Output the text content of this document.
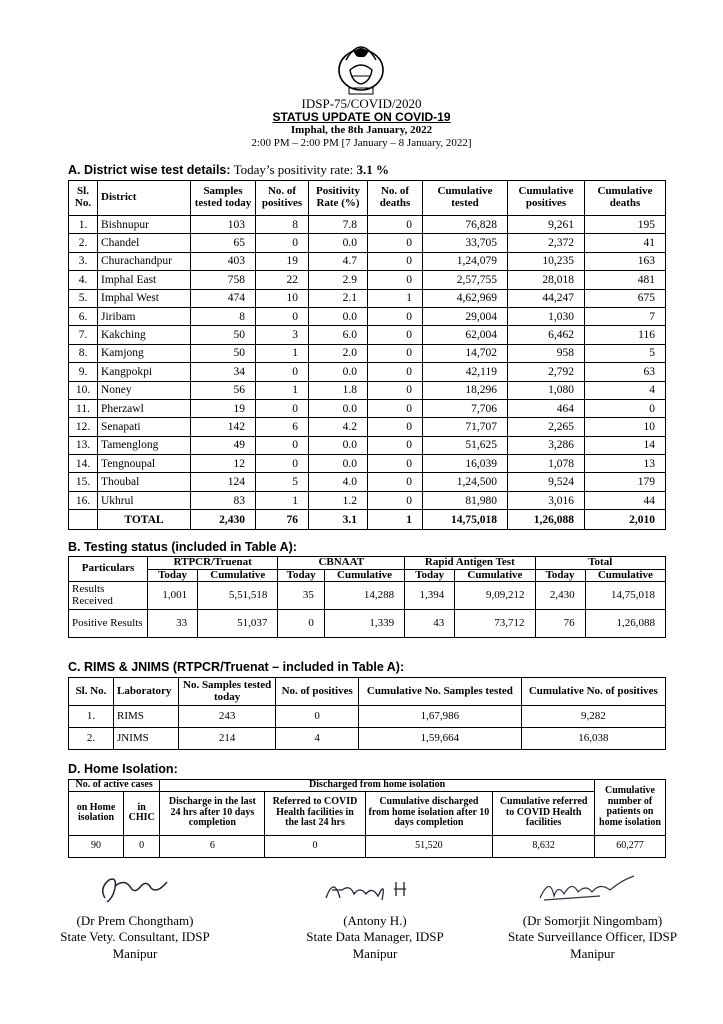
IDSP-75/COVID/2020
STATUS UPDATE ON COVID-19
Imphal, the 8th January, 2022
2:00 PM – 2:00 PM [7 January – 8 January, 2022]
A. District wise test details: Today’s positivity rate: 3.1 %
Sl. No.	District	Samples tested today	No. of positives	Positivity Rate (%)	No. of deaths	Cumulative tested	Cumulative positives	Cumulative deaths
1.	Bishnupur	103	8	7.8	0	76,828	9,261	195
2.	Chandel	65	0	0.0	0	33,705	2,372	41
3.	Churachandpur	403	19	4.7	0	1,24,079	10,235	163
4.	Imphal East	758	22	2.9	0	2,57,755	28,018	481
5.	Imphal West	474	10	2.1	1	4,62,969	44,247	675
6.	Jiribam	8	0	0.0	0	29,004	1,030	7
7.	Kakching	50	3	6.0	0	62,004	6,462	116
8.	Kamjong	50	1	2.0	0	14,702	958	5
9.	Kangpokpi	34	0	0.0	0	42,119	2,792	63
10.	Noney	56	1	1.8	0	18,296	1,080	4
11.	Pherzawl	19	0	0.0	0	7,706	464	0
12.	Senapati	142	6	4.2	0	71,707	2,265	10
13.	Tamenglong	49	0	0.0	0	51,625	3,286	14
14.	Tengnoupal	12	0	0.0	0	16,039	1,078	13
15.	Thoubal	124	5	4.0	0	1,24,500	9,524	179
16.	Ukhrul	83	1	1.2	0	81,980	3,016	44
	TOTAL	2,430	76	3.1	1	14,75,018	1,26,088	2,010
B. Testing status (included in Table A):
Particulars	RTPCR/Truenat		CBNAAT		Rapid Antigen Test		Total	
	Today	Cumulative	Today	Cumulative	Today	Cumulative	Today	Cumulative
Results Received	1,001	5,51,518	35	14,288	1,394	9,09,212	2,430	14,75,018
Positive Results	33	51,037	0	1,339	43	73,712	76	1,26,088
C. RIMS & JNIMS (RTPCR/Truenat – included in Table A):
Sl. No.	Laboratory	No. Samples tested today	No. of positives	Cumulative No. Samples tested	Cumulative No. of positives
1.	RIMS	243	0	1,67,986	9,282
2.	JNIMS	214	4	1,59,664	16,038
D. Home Isolation:
No. of active cases		Discharged from home isolation				Cumulative number of patients on home isolation
on Home isolation	in CHIC	Discharge in the last 24 hrs after 10 days completion	Referred to COVID Health facilities in the last 24 hrs	Cumulative discharged from home isolation after 10 days completion	Cumulative referred to COVID Health facilities	
90	0	6	0	51,520	8,632	60,277
(Dr Prem Chongtham)
State Vety. Consultant, IDSP
Manipur
(Antony H.)
State Data Manager, IDSP
Manipur
(Dr Somorjit Ningombam)
State Surveillance Officer, IDSP
Manipur
